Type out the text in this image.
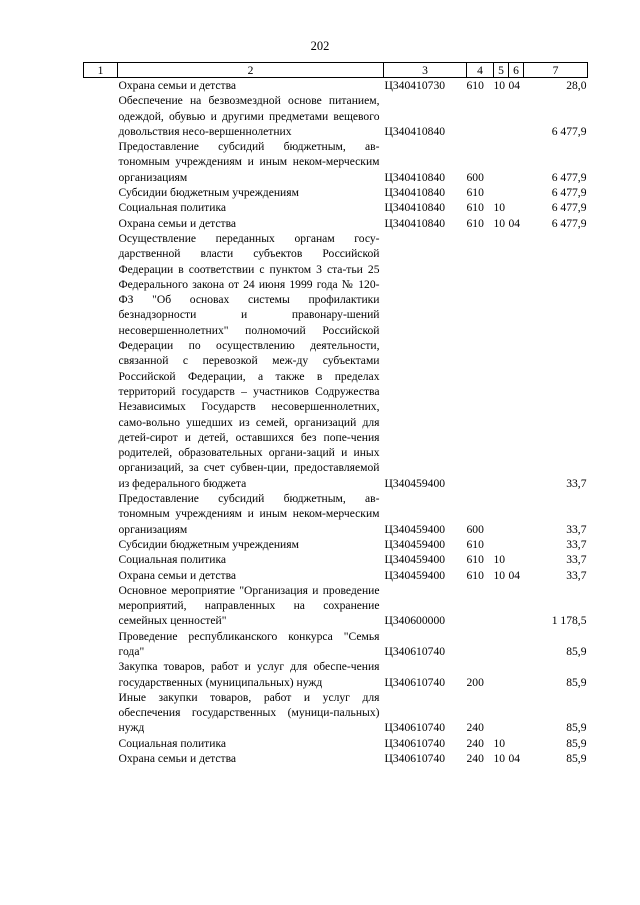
202
1	2	3	4	5	6	7
	Охрана семьи и детства	Ц340410730	610	10	04	28,0
	Обеспечение на безвозмездной основе питанием, одеждой, обувью и другими предметами вещевого довольствия несо-вершеннолетних	Ц340410840				6 477,9
	Предоставление субсидий бюджетным, ав-тономным учреждениям и иным неком-мерческим организациям	Ц340410840	600			6 477,9
	Субсидии бюджетным учреждениям	Ц340410840	610			6 477,9
	Социальная политика	Ц340410840	610	10		6 477,9
	Охрана семьи и детства	Ц340410840	610	10	04	6 477,9
	Осуществление переданных органам госу-дарственной власти субъектов Российской Федерации в соответствии с пунктом 3 ста-тьи 25 Федерального закона от 24 июня 1999 года № 120-ФЗ "Об основах системы профилактики безнадзорности и правонару-шений несовершеннолетних" полномочий Российской Федерации по осуществлению деятельности, связанной с перевозкой меж-ду субъектами Российской Федерации, а также в пределах территорий государств – участников Содружества Независимых Государств несовершеннолетних, само-вольно ушедших из семей, организаций для детей-сирот и детей, оставшихся без попе-чения родителей, образовательных органи-заций и иных организаций, за счет субвен-ции, предоставляемой из федерального бюджета	Ц340459400				33,7
	Предоставление субсидий бюджетным, ав-тономным учреждениям и иным неком-мерческим организациям	Ц340459400	600			33,7
	Субсидии бюджетным учреждениям	Ц340459400	610			33,7
	Социальная политика	Ц340459400	610	10		33,7
	Охрана семьи и детства	Ц340459400	610	10	04	33,7
	Основное мероприятие "Организация и проведение мероприятий, направленных на сохранение семейных ценностей"	Ц340600000				1 178,5
	Проведение республиканского конкурса "Семья года"	Ц340610740				85,9
	Закупка товаров, работ и услуг для обеспе-чения государственных (муниципальных) нужд	Ц340610740	200			85,9
	Иные закупки товаров, работ и услуг для обеспечения государственных (муници-пальных) нужд	Ц340610740	240			85,9
	Социальная политика	Ц340610740	240	10		85,9
	Охрана семьи и детства	Ц340610740	240	10	04	85,9
